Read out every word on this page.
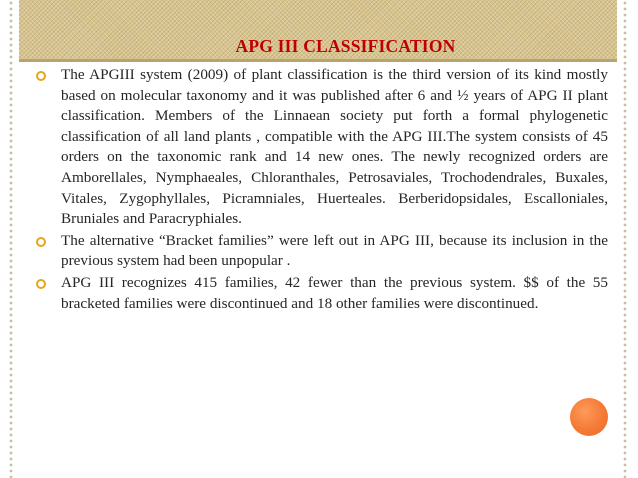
APG III CLASSIFICATION

The APGIII system (2009) of plant classification is the third version of its kind mostly based on molecular taxonomy and it was published after 6 and ½ years of APG II plant classification. Members of the Linnaean society put forth a formal phylogenetic classification of all land plants , compatible with the APG III.The system consists of 45 orders on the taxonomic rank and 14 new ones. The newly recognized orders are Amborellales, Nymphaeales, Chloranthales, Petrosaviales, Trochodendrales, Buxales, Vitales, Zygophyllales, Picramniales, Huerteales. Berberidopsidales, Escalloniales, Bruniales and Paracryphiales.

The alternative “Bracket families” were left out in APG III, because its inclusion in the previous system had been unpopular .

APG III recognizes 415 families, 42 fewer than the previous system. $$ of the 55 bracketed families were discontinued and 18 other families were discontinued.
